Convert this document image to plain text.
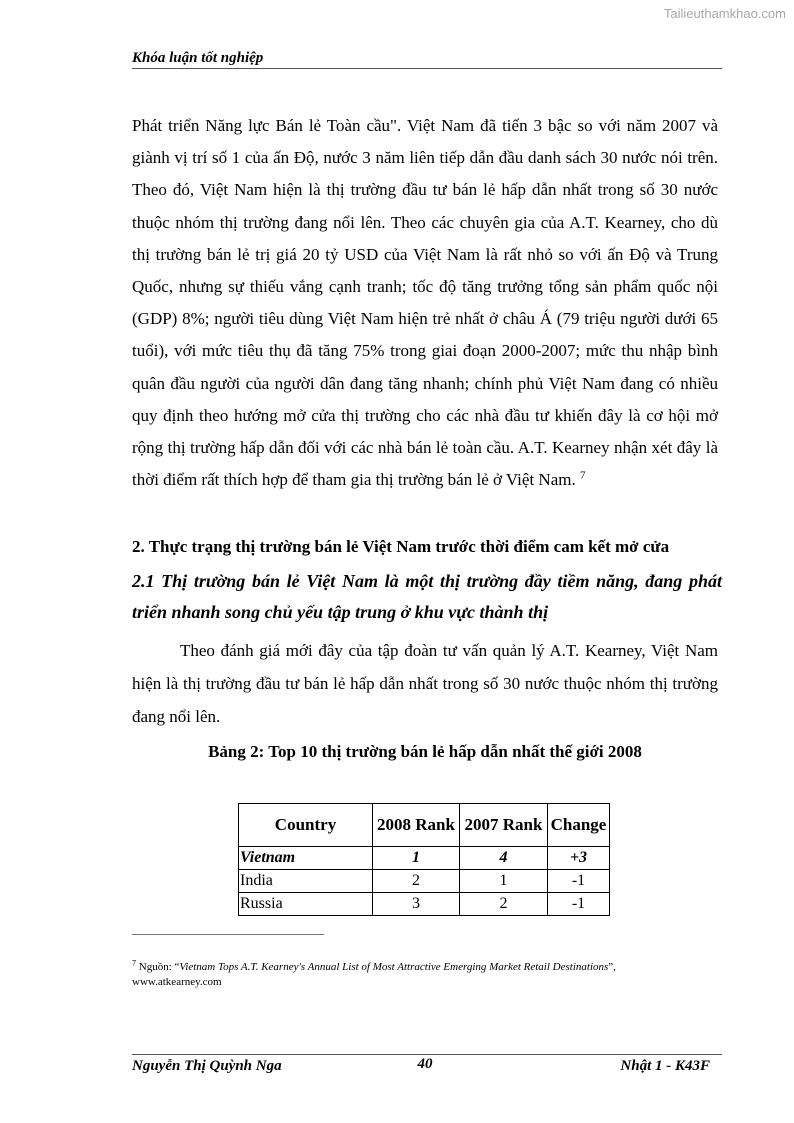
Tailieuthamkhao.com
Khóa luận tốt nghiệp

Phát triển Năng lực Bán lẻ Toàn cầu". Việt Nam đã tiến 3 bậc so với năm 2007 và giành vị trí số 1 của ấn Độ, nước 3 năm liên tiếp dẫn đầu danh sách 30 nước nói trên. Theo đó, Việt Nam hiện là thị trường đầu tư bán lẻ hấp dẫn nhất trong số 30 nước thuộc nhóm thị trường đang nổi lên. Theo các chuyên gia của A.T. Kearney, cho dù thị trường bán lẻ trị giá 20 tỷ USD của Việt Nam là rất nhỏ so với ấn Độ và Trung Quốc, nhưng sự thiếu vắng cạnh tranh; tốc độ tăng trưởng tổng sản phẩm quốc nội (GDP) 8%; người tiêu dùng Việt Nam hiện trẻ nhất ở châu Á (79 triệu người dưới 65 tuổi), với mức tiêu thụ đã tăng 75% trong giai đoạn 2000-2007; mức thu nhập bình quân đầu người của người dân đang tăng nhanh; chính phủ Việt Nam đang có nhiều quy định theo hướng mở cửa thị trường cho các nhà đầu tư khiến đây là cơ hội mở rộng thị trường hấp dẫn đối với các nhà bán lẻ toàn cầu. A.T. Kearney nhận xét đây là thời điểm rất thích hợp để tham gia thị trường bán lẻ ở Việt Nam. $^7$

2. Thực trạng thị trường bán lẻ Việt Nam trước thời điểm cam kết mở cửa
2.1 Thị trường bán lẻ Việt Nam là một thị trường đầy tiềm năng, đang phát triển nhanh song chủ yếu tập trung ở khu vực thành thị

Theo đánh giá mới đây của tập đoàn tư vấn quản lý A.T. Kearney, Việt Nam hiện là thị trường đầu tư bán lẻ hấp dẫn nhất trong số 30 nước thuộc nhóm thị trường đang nổi lên.

Bảng 2: Top 10 thị trường bán lẻ hấp dẫn nhất thế giới 2008
Country	2008 Rank	2007 Rank	Change
Vietnam	1	4	+3
India	2	1	-1
Russia	3	2	-1
$^7$ Nguồn: “Vietnam Tops A.T. Kearney's Annual List of Most Attractive Emerging Market Retail Destinations”, www.atkearney.com
Nguyễn Thị Quỳnh Nga	40	Nhật 1 - K43F
